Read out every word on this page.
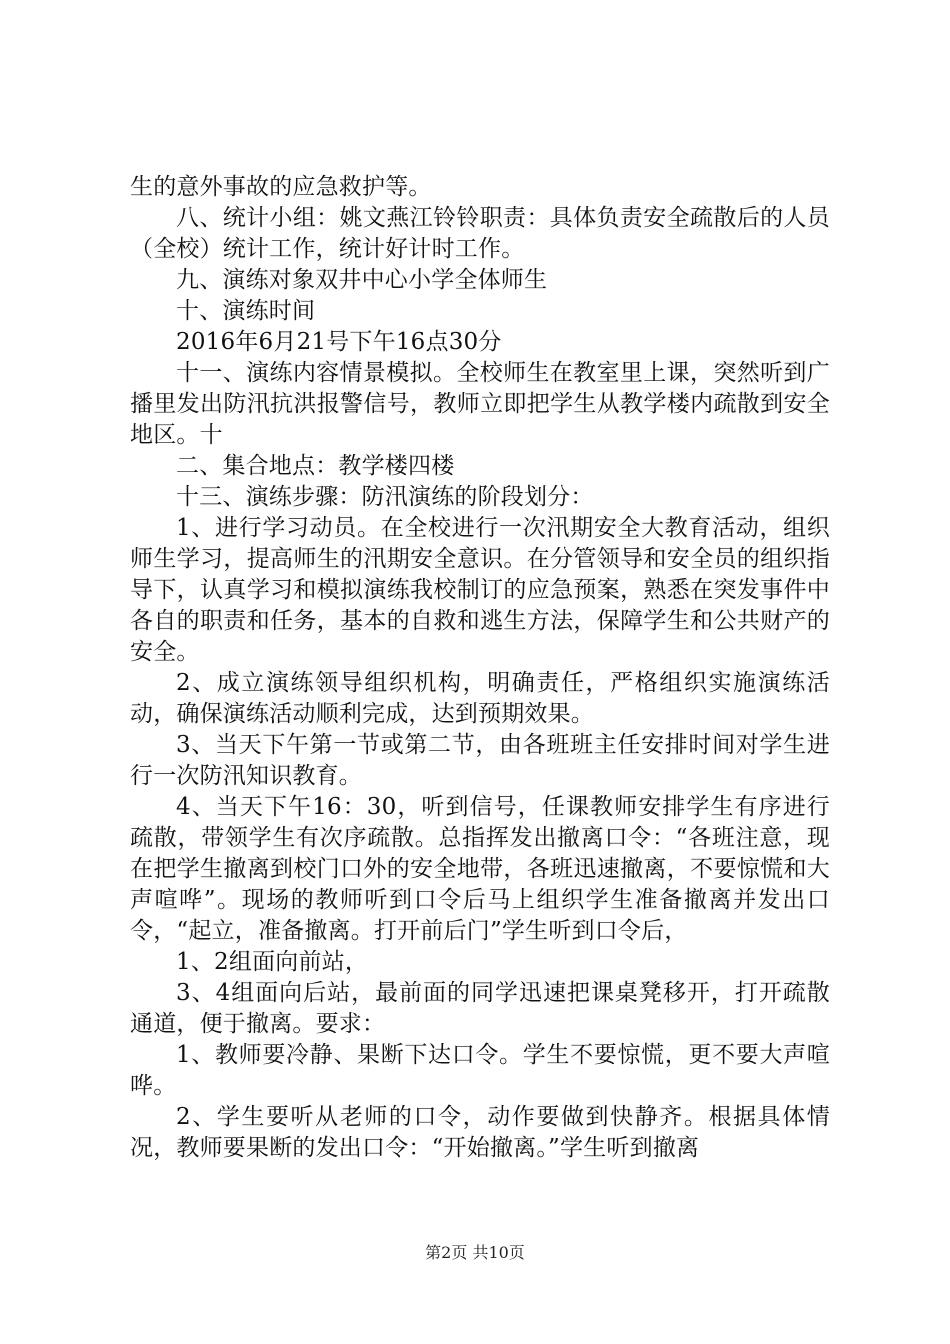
生的意外事故的应急救护等。

八、统计小组：姚文燕江铃铃职责：具体负责安全疏散后的人员（全校）统计工作，统计好计时工作。

九、演练对象双井中心小学全体师生

十、演练时间

2016年6月21号下午16点30分

十一、演练内容情景模拟。全校师生在教室里上课，突然听到广播里发出防汛抗洪报警信号，教师立即把学生从教学楼内疏散到安全地区。十

二、集合地点：教学楼四楼

十三、演练步骤：防汛演练的阶段划分：

1、进行学习动员。在全校进行一次汛期安全大教育活动，组织师生学习，提高师生的汛期安全意识。在分管领导和安全员的组织指导下，认真学习和模拟演练我校制订的应急预案，熟悉在突发事件中各自的职责和任务，基本的自救和逃生方法，保障学生和公共财产的安全。

2、成立演练领导组织机构，明确责任，严格组织实施演练活动，确保演练活动顺利完成，达到预期效果。

3、当天下午第一节或第二节，由各班班主任安排时间对学生进行一次防汛知识教育。

4、当天下午16：30，听到信号，任课教师安排学生有序进行疏散，带领学生有次序疏散。总指挥发出撤离口令：“各班注意，现在把学生撤离到校门口外的安全地带，各班迅速撤离，不要惊慌和大声喧哗”。现场的教师听到口令后马上组织学生准备撤离并发出口令，“起立，准备撤离。打开前后门”学生听到口令后，

1、2组面向前站，

3、4组面向后站，最前面的同学迅速把课桌凳移开，打开疏散通道，便于撤离。要求：

1、教师要冷静、果断下达口令。学生不要惊慌，更不要大声喧哗。

2、学生要听从老师的口令，动作要做到快静齐。根据具体情况，教师要果断的发出口令：“开始撤离。”学生听到撤离

第2页 共10页
